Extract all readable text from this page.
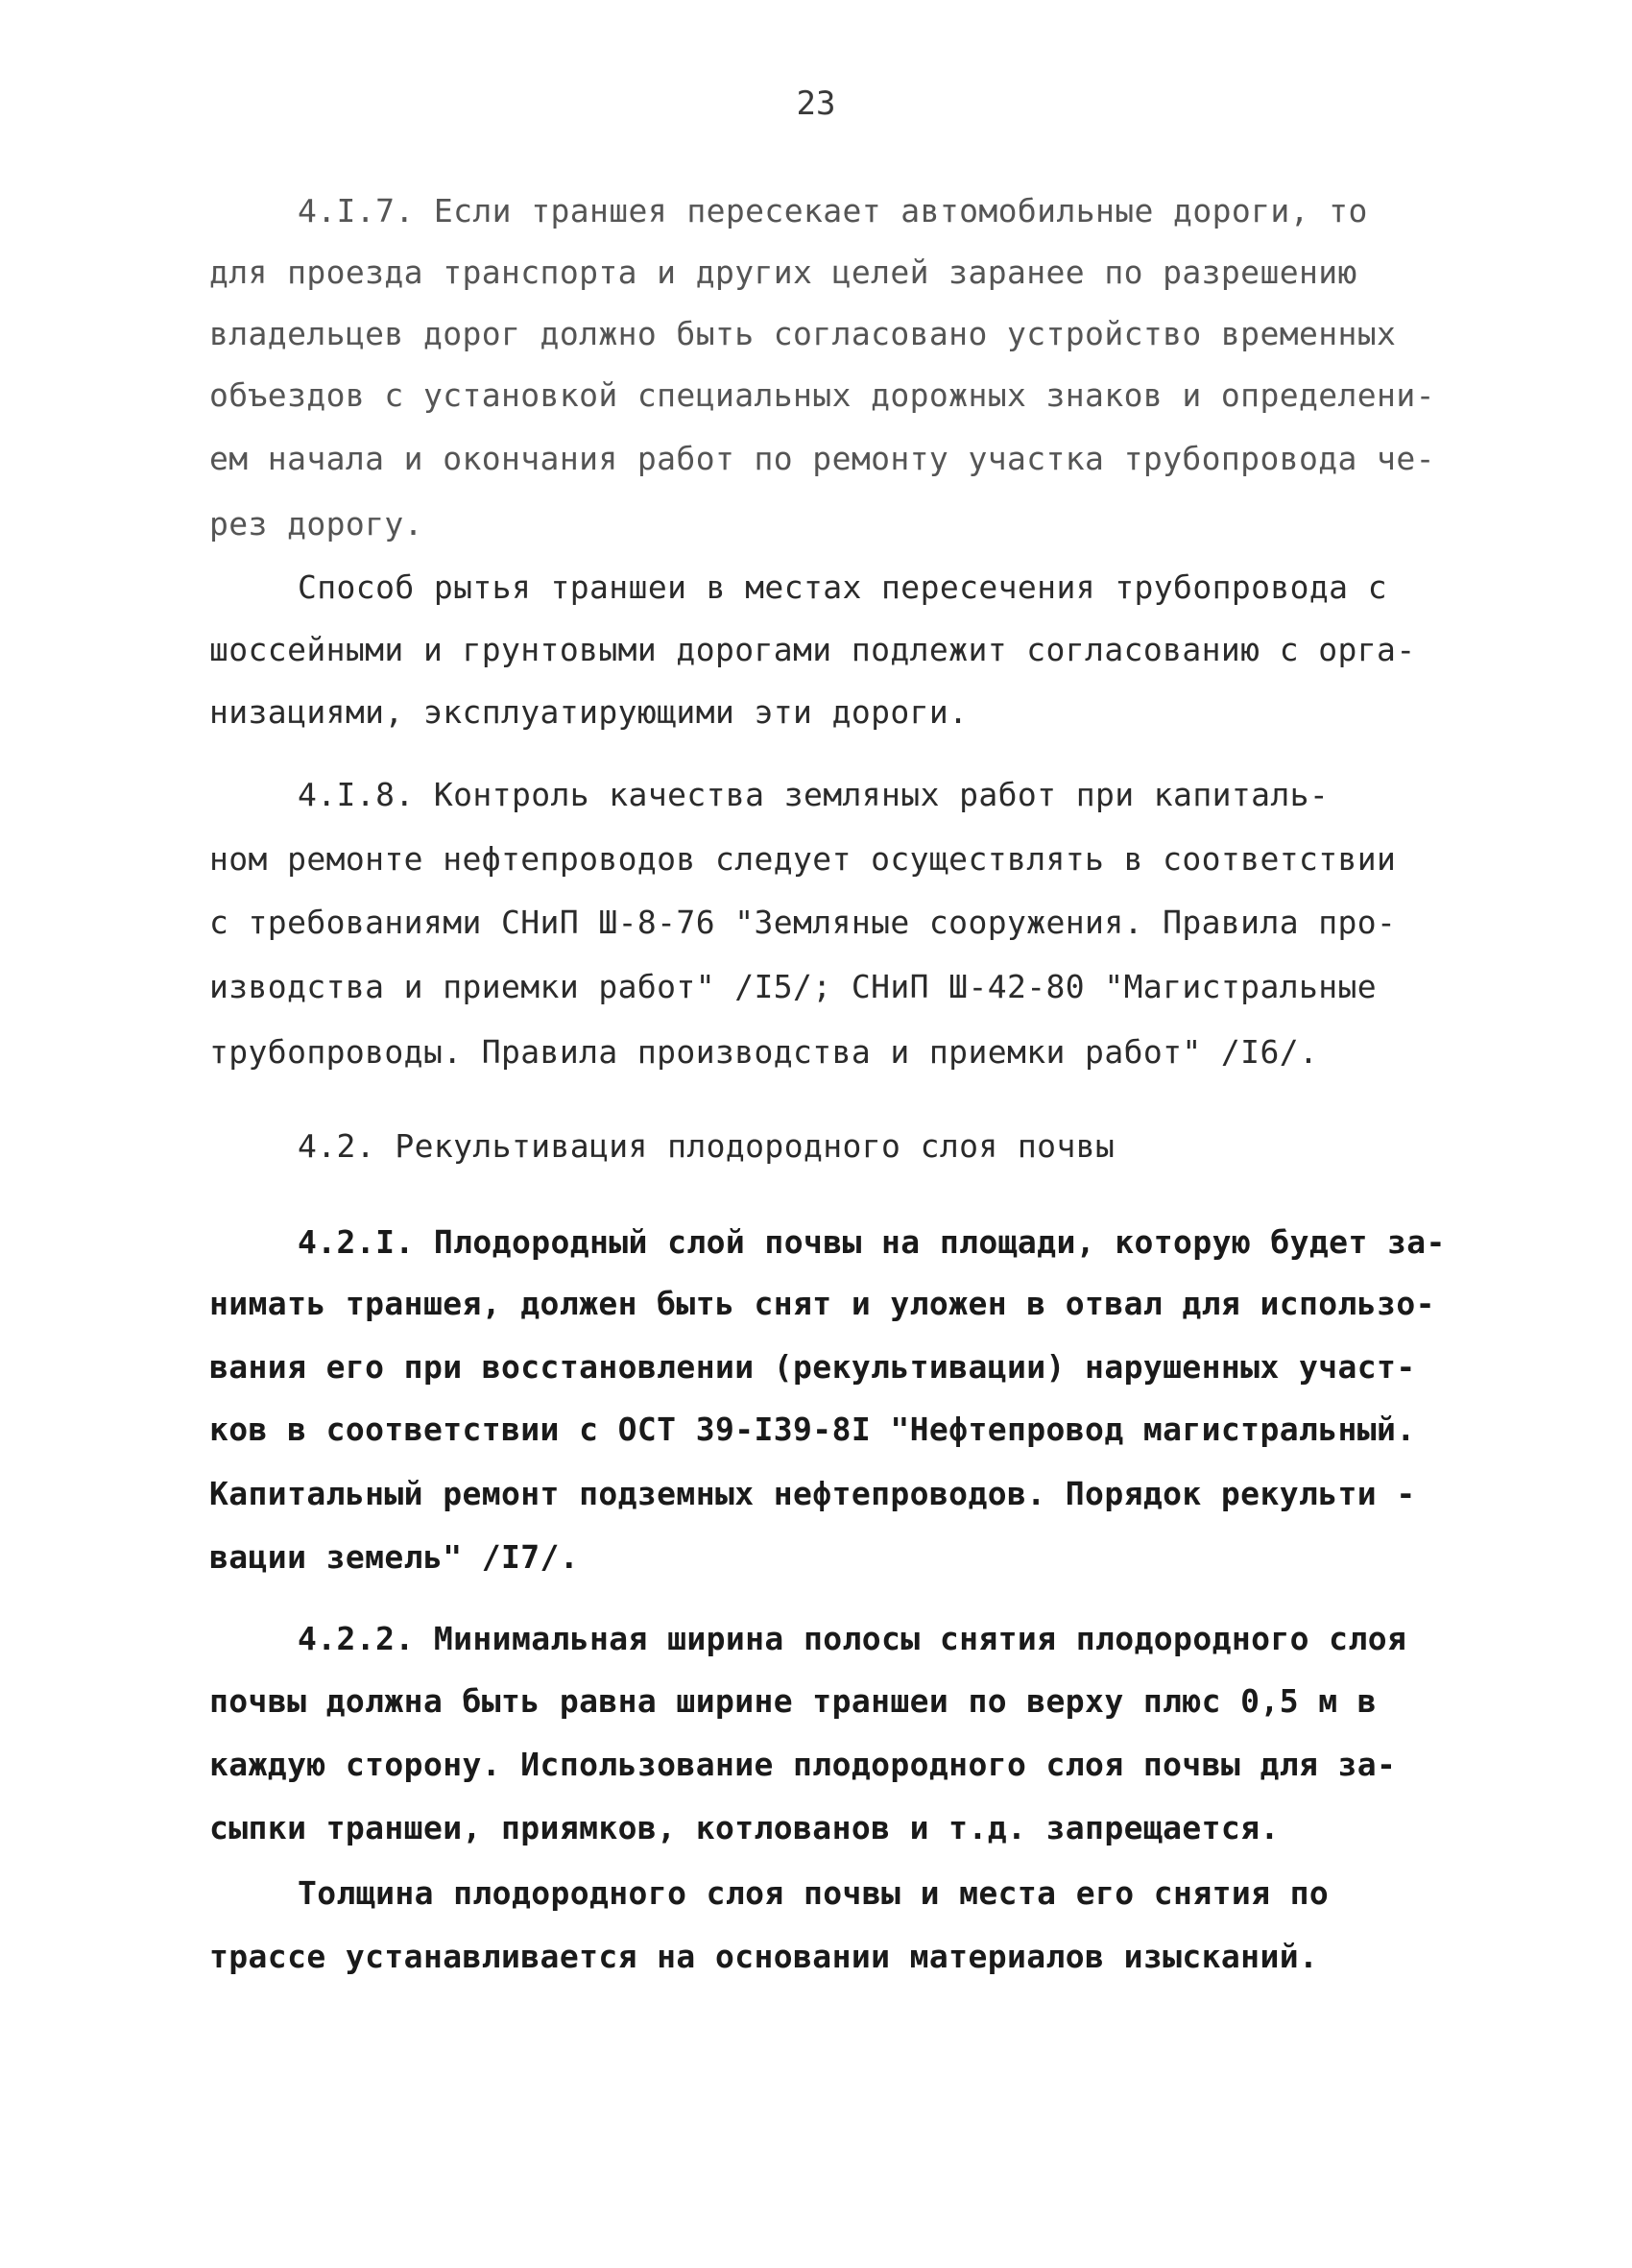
23
4.I.7. Если траншея пересекает автомобильные дороги, то
для проезда транспорта и других целей заранее по разрешению
владельцев дорог должно быть согласовано устройство временных
объездов с установкой специальных дорожных знаков и определени-
ем начала и окончания работ по ремонту участка трубопровода че-
рез дорогу.
Способ рытья траншеи в местах пересечения трубопровода с
шоссейными и грунтовыми дорогами подлежит согласованию с орга-
низациями, эксплуатирующими эти дороги.
4.I.8. Контроль качества земляных работ при капиталь-
ном ремонте нефтепроводов следует осуществлять в соответствии
с требованиями СНиП Ш-8-76 "Земляные сооружения. Правила про-
изводства и приемки работ" /I5/; СНиП Ш-42-80 "Магистральные
трубопроводы. Правила производства и приемки работ" /I6/.
4.2. Рекультивация плодородного слоя почвы
4.2.I. Плодородный слой почвы на площади, которую будет за-
нимать траншея, должен быть снят и уложен в отвал для использо-
вания его при восстановлении (рекультивации) нарушенных участ-
ков в соответствии с ОСТ 39-I39-8I "Нефтепровод магистральный.
Капитальный ремонт подземных нефтепроводов. Порядок рекульти -
вации земель" /I7/.
4.2.2. Минимальная ширина полосы снятия плодородного слоя
почвы должна быть равна ширине траншеи по верху плюс 0,5 м в
каждую сторону. Использование плодородного слоя почвы для за-
сыпки траншеи, приямков, котлованов и т.д. запрещается.
Толщина плодородного слоя почвы и места его снятия по
трассе устанавливается на основании материалов изысканий.
